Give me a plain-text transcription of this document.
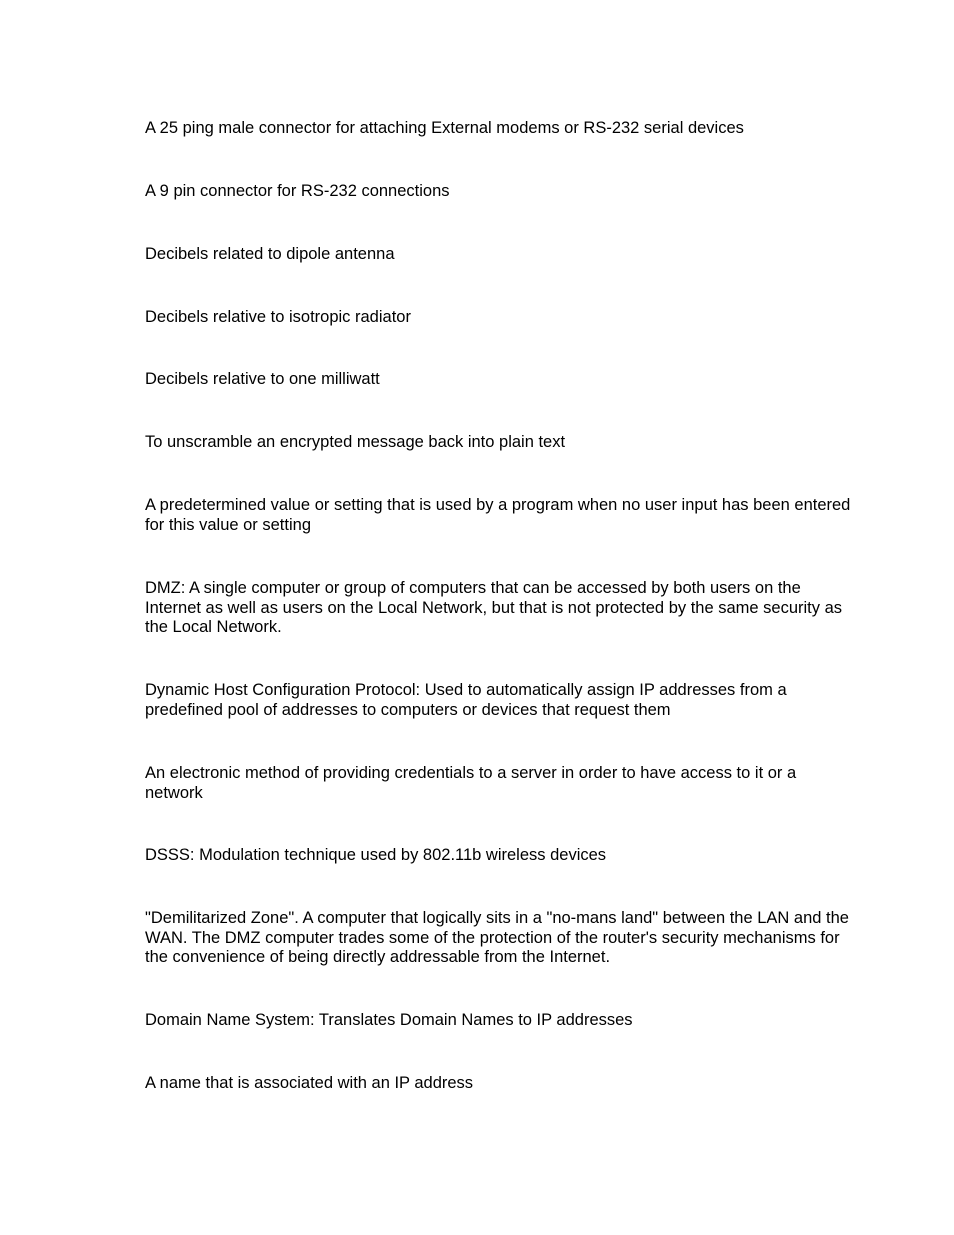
A 25 ping male connector for attaching External modems or RS-232 serial devices

A 9 pin connector for RS-232 connections

Decibels related to dipole antenna

Decibels relative to isotropic radiator

Decibels relative to one milliwatt

To unscramble an encrypted message back into plain text

A predetermined value or setting that is used by a program when no user input has been entered for this value or setting

DMZ: A single computer or group of computers that can be accessed by both users on the Internet as well as users on the Local Network, but that is not protected by the same security as the Local Network.

Dynamic Host Configuration Protocol: Used to automatically assign IP addresses from a predefined pool of addresses to computers or devices that request them

An electronic method of providing credentials to a server in order to have access to it or a network

DSSS: Modulation technique used by 802.11b wireless devices

"Demilitarized Zone". A computer that logically sits in a "no-mans land" between the LAN and the WAN. The DMZ computer trades some of the protection of the router's security mechanisms for the convenience of being directly addressable from the Internet.

Domain Name System: Translates Domain Names to IP addresses

A name that is associated with an IP address
